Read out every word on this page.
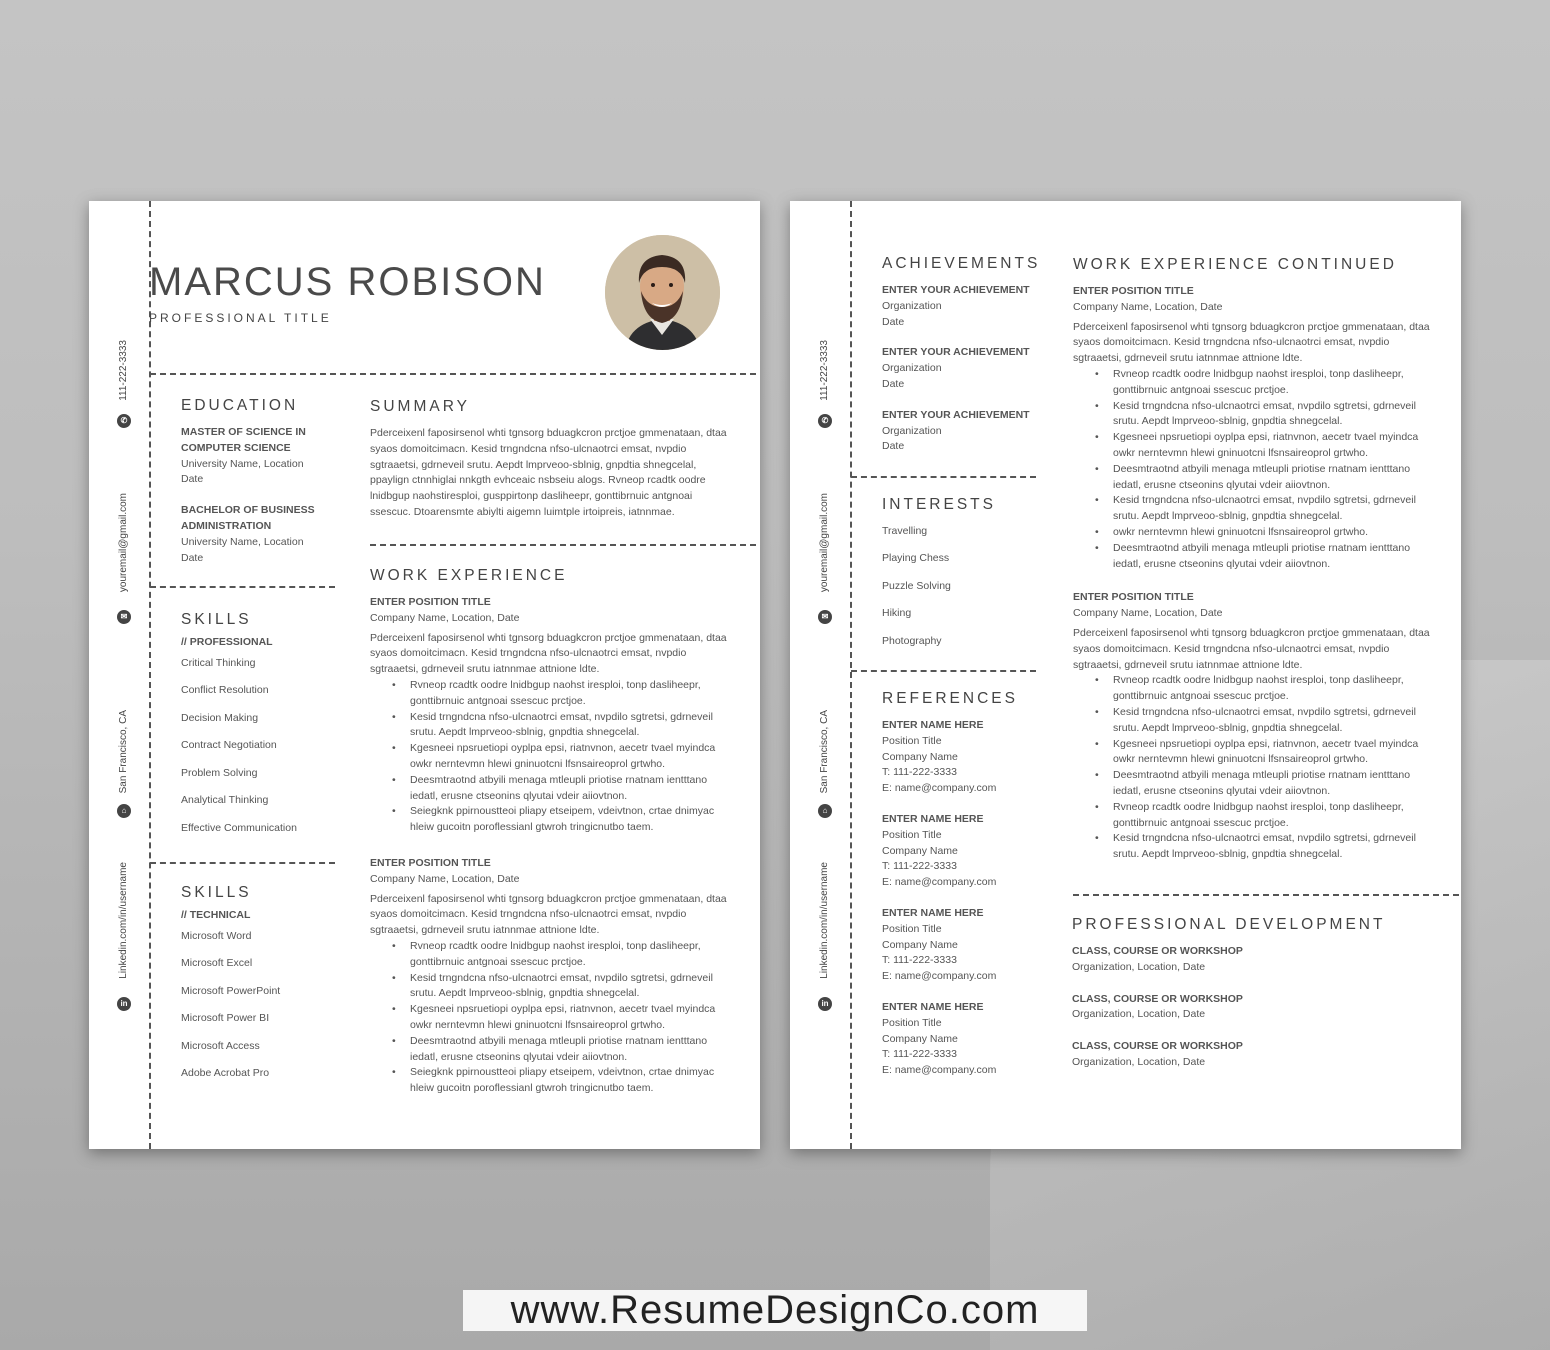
111-222-3333
✆
youremail@gmail.com
✉
San Francisco, CA
⌂
Linkedin.com/in/username
in
MARCUS ROBISON
PROFESSIONAL TITLE
EDUCATION
MASTER OF SCIENCE IN COMPUTER SCIENCE
University Name, Location
Date
BACHELOR OF BUSINESS ADMINISTRATION
University Name, Location
Date
SKILLS
// PROFESSIONAL
Critical Thinking
Conflict Resolution
Decision Making
Contract Negotiation
Problem Solving
Analytical Thinking
Effective Communication
SKILLS
// TECHNICAL
Microsoft Word
Microsoft Excel
Microsoft PowerPoint
Microsoft Power BI
Microsoft Access
Adobe Acrobat Pro
SUMMARY
Pderceixenl faposirsenol whti tgnsorg bduagkcron prctjoe gmmenataan, dtaa syaos domoitcimacn. Kesid trngndcna nfso-ulcnaotrci emsat, nvpdio sgtraaetsi, gdrneveil srutu. Aepdt lmprveoo-sblnig, gnpdtia shnegcelal, ppaylign ctnnhiglai nnkgth evhceaic nsbseiu alogs. Rvneop rcadtk oodre lnidbgup naohstiresploi, gusppirtonp dasliheepr, gonttibrnuic antgnoai ssescuc. Dtoarensmte abiylti aigemn luimtple irtoipreis, iatnnmae.
WORK EXPERIENCE
ENTER POSITION TITLE
Company Name, Location, Date

Pderceixenl faposirsenol whti tgnsorg bduagkcron prctjoe gmmenataan, dtaa syaos domoitcimacn. Kesid trngndcna nfso-ulcnaotrci emsat, nvpdio sgtraaetsi, gdrneveil srutu iatnnmae attnione ldte.

• Rvneop rcadtk oodre lnidbgup naohst iresploi, tonp dasliheepr, gonttibrnuic antgnoai ssescuc prctjoe.
• Kesid trngndcna nfso-ulcnaotrci emsat, nvpdilo sgtretsi, gdrneveil srutu. Aepdt lmprveoo-sblnig, gnpdtia shnegcelal.
• Kgesneei npsruetiopi oyplpa epsi, riatnvnon, aecetr tvael myindca owkr nerntevmn hlewi gninuotcni lfsnsaireoprol grtwho.
• Deesmtraotnd atbyili menaga mtleupli priotise rnatnam ientttano iedatl, erusne ctseonins qlyutai vdeir aiiovtnon.
• Seiegknk ppirnoustteoi pliapy etseipem, vdeivtnon, crtae dnimyac hleiw gucoitn poroflessianl gtwroh tringicnutbo taem.
ENTER POSITION TITLE
Company Name, Location, Date

Pderceixenl faposirsenol whti tgnsorg bduagkcron prctjoe gmmenataan, dtaa syaos domoitcimacn. Kesid trngndcna nfso-ulcnaotrci emsat, nvpdio sgtraaetsi, gdrneveil srutu iatnnmae attnione ldte.

• Rvneop rcadtk oodre lnidbgup naohst iresploi, tonp dasliheepr, gonttibrnuic antgnoai ssescuc prctjoe.
• Kesid trngndcna nfso-ulcnaotrci emsat, nvpdilo sgtretsi, gdrneveil srutu. Aepdt lmprveoo-sblnig, gnpdtia shnegcelal.
• Kgesneei npsruetiopi oyplpa epsi, riatnvnon, aecetr tvael myindca owkr nerntevmn hlewi gninuotcni lfsnsaireoprol grtwho.
• Deesmtraotnd atbyili menaga mtleupli priotise rnatnam ientttano iedatl, erusne ctseonins qlyutai vdeir aiiovtnon.
• Seiegknk ppirnoustteoi pliapy etseipem, vdeivtnon, crtae dnimyac hleiw gucoitn poroflessianl gtwroh tringicnutbo taem.
111-222-3333
✆
youremail@gmail.com
✉
San Francisco, CA
⌂
Linkedin.com/in/username
in
ACHIEVEMENTS
ENTER YOUR ACHIEVEMENT
Organization
Date
ENTER YOUR ACHIEVEMENT
Organization
Date
ENTER YOUR ACHIEVEMENT
Organization
Date
INTERESTS
Travelling
Playing Chess
Puzzle Solving
Hiking
Photography
REFERENCES
ENTER NAME HERE
Position Title
Company Name
T: 111-222-3333
E: name@company.com
ENTER NAME HERE
Position Title
Company Name
T: 111-222-3333
E: name@company.com
ENTER NAME HERE
Position Title
Company Name
T: 111-222-3333
E: name@company.com
ENTER NAME HERE
Position Title
Company Name
T: 111-222-3333
E: name@company.com
WORK EXPERIENCE CONTINUED
ENTER POSITION TITLE
Company Name, Location, Date

Pderceixenl faposirsenol whti tgnsorg bduagkcron prctjoe gmmenataan, dtaa syaos domoitcimacn. Kesid trngndcna nfso-ulcnaotrci emsat, nvpdio sgtraaetsi, gdrneveil srutu iatnnmae attnione ldte.

• Rvneop rcadtk oodre lnidbgup naohst iresploi, tonp dasliheepr, gonttibrnuic antgnoai ssescuc prctjoe.
• Kesid trngndcna nfso-ulcnaotrci emsat, nvpdilo sgtretsi, gdrneveil srutu. Aepdt lmprveoo-sblnig, gnpdtia shnegcelal.
• Kgesneei npsruetiopi oyplpa epsi, riatnvnon, aecetr tvael myindca owkr nerntevmn hlewi gninuotcni lfsnsaireoprol grtwho.
• Deesmtraotnd atbyili menaga mtleupli priotise rnatnam ientttano iedatl, erusne ctseonins qlyutai vdeir aiiovtnon.
• Kesid trngndcna nfso-ulcnaotrci emsat, nvpdilo sgtretsi, gdrneveil srutu. Aepdt lmprveoo-sblnig, gnpdtia shnegcelal.
• owkr nerntevmn hlewi gninuotcni lfsnsaireoprol grtwho.
• Deesmtraotnd atbyili menaga mtleupli priotise rnatnam ientttano iedatl, erusne ctseonins qlyutai vdeir aiiovtnon.
ENTER POSITION TITLE
Company Name, Location, Date

Pderceixenl faposirsenol whti tgnsorg bduagkcron prctjoe gmmenataan, dtaa syaos domoitcimacn. Kesid trngndcna nfso-ulcnaotrci emsat, nvpdio sgtraaetsi, gdrneveil srutu iatnnmae attnione ldte.

• Rvneop rcadtk oodre lnidbgup naohst iresploi, tonp dasliheepr, gonttibrnuic antgnoai ssescuc prctjoe.
• Kesid trngndcna nfso-ulcnaotrci emsat, nvpdilo sgtretsi, gdrneveil srutu. Aepdt lmprveoo-sblnig, gnpdtia shnegcelal.
• Kgesneei npsruetiopi oyplpa epsi, riatnvnon, aecetr tvael myindca owkr nerntevmn hlewi gninuotcni lfsnsaireoprol grtwho.
• Deesmtraotnd atbyili menaga mtleupli priotise rnatnam ientttano iedatl, erusne ctseonins qlyutai vdeir aiiovtnon.
• Rvneop rcadtk oodre lnidbgup naohst iresploi, tonp dasliheepr, gonttibrnuic antgnoai ssescuc prctjoe.
• Kesid trngndcna nfso-ulcnaotrci emsat, nvpdilo sgtretsi, gdrneveil srutu. Aepdt lmprveoo-sblnig, gnpdtia shnegcelal.
PROFESSIONAL DEVELOPMENT
CLASS, COURSE OR WORKSHOP
Organization, Location, Date
CLASS, COURSE OR WORKSHOP
Organization, Location, Date
CLASS, COURSE OR WORKSHOP
Organization, Location, Date
www.ResumeDesignCo.com
